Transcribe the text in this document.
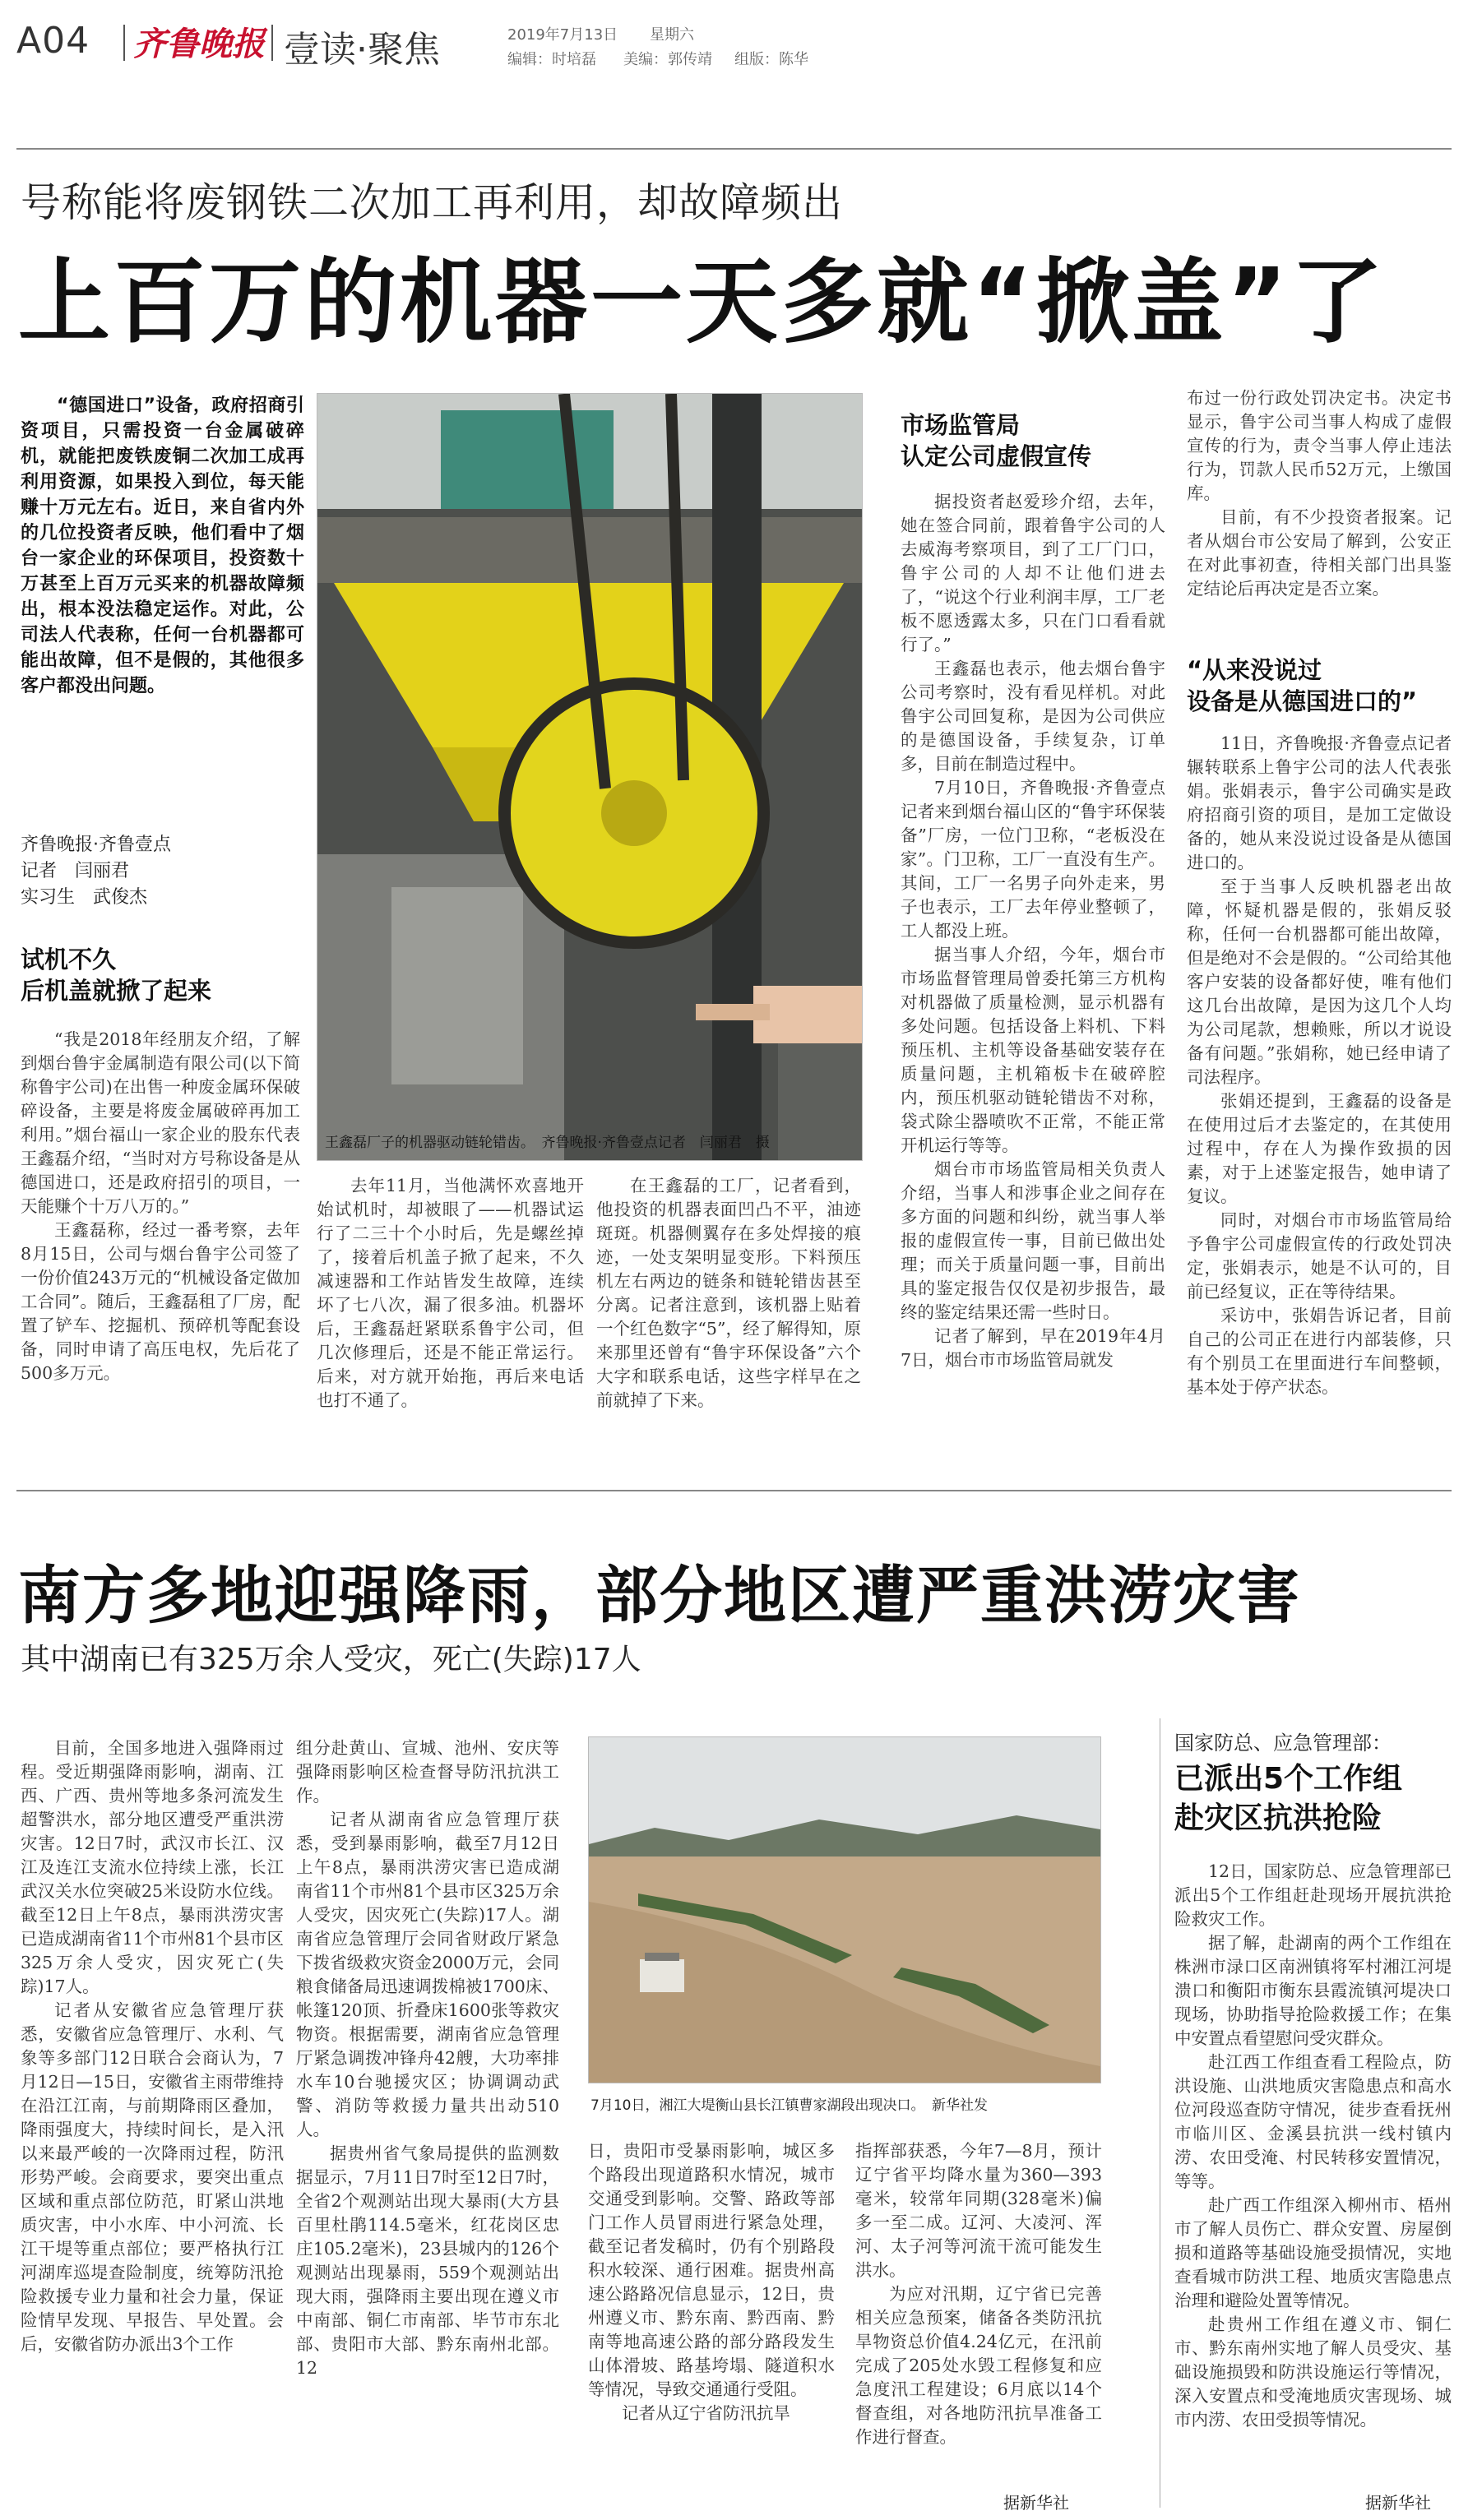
A04 齐鲁晚报 壹读·聚焦	2019年7月13日 星期六
编辑：时培磊 美编：郭传靖 组版：陈华
号称能将废钢铁二次加工再利用，却故障频出
上百万的机器一天多就“掀盖”了
“德国进口”设备，政府招商引资项目，只需投资一台金属破碎机，就能把废铁废铜二次加工成再利用资源，如果投入到位，每天能赚十万元左右。近日，来自省内外的几位投资者反映，他们看中了烟台一家企业的环保项目，投资数十万甚至上百万元买来的机器故障频出，根本没法稳定运作。对此，公司法人代表称，任何一台机器都可能出故障，但不是假的，其他很多客户都没出问题。
齐鲁晚报·齐鲁壹点
记者　闫丽君
实习生　武俊杰
试机不久
后机盖就掀了起来

“我是2018年经朋友介绍，了解到烟台鲁宇金属制造有限公司(以下简称鲁宇公司)在出售一种废金属环保破碎设备，主要是将废金属破碎再加工利用。”烟台福山一家企业的股东代表王鑫磊介绍，“当时对方号称设备是从德国进口，还是政府招引的项目，一天能赚个十万八万的。”

王鑫磊称，经过一番考察，去年8月15日，公司与烟台鲁宇公司签了一份价值243万元的“机械设备定做加工合同”。随后，王鑫磊租了厂房，配置了铲车、挖掘机、预碎机等配套设备，同时申请了高压电权，先后花了500多万元。

王鑫磊厂子的机器驱动链轮错齿。　齐鲁晚报·齐鲁壹点记者　闫丽君　摄

去年11月，当他满怀欢喜地开始试机时，却被眼了——机器试运行了二三十个小时后，先是螺丝掉了，接着后机盖子掀了起来，不久减速器和工作站皆发生故障，连续坏了七八次，漏了很多油。机器坏后，王鑫磊赶紧联系鲁宇公司，但几次修理后，还是不能正常运行。后来，对方就开始拖，再后来电话也打不通了。

在王鑫磊的工厂，记者看到，他投资的机器表面凹凸不平，油迹斑斑。机器侧翼存在多处焊接的痕迹，一处支架明显变形。下料预压机左右两边的链条和链轮错齿甚至分离。记者注意到，该机器上贴着一个红色数字“5”，经了解得知，原来那里还曾有“鲁宇环保设备”六个大字和联系电话，这些字样早在之前就掉了下来。

市场监管局
认定公司虚假宣传

据投资者赵爱珍介绍，去年，她在签合同前，跟着鲁宇公司的人去威海考察项目，到了工厂门口，鲁宇公司的人却不让他们进去了，“说这个行业利润丰厚，工厂老板不愿透露太多，只在门口看看就行了。”

王鑫磊也表示，他去烟台鲁宇公司考察时，没有看见样机。对此鲁宇公司回复称，是因为公司供应的是德国设备，手续复杂，订单多，目前在制造过程中。

7月10日，齐鲁晚报·齐鲁壹点记者来到烟台福山区的“鲁宇环保装备”厂房，一位门卫称，“老板没在家”。门卫称，工厂一直没有生产。其间，工厂一名男子向外走来，男子也表示，工厂去年停业整顿了，工人都没上班。

据当事人介绍，今年，烟台市市场监督管理局曾委托第三方机构对机器做了质量检测，显示机器有多处问题。包括设备上料机、下料预压机、主机等设备基础安装存在质量问题，主机箱板卡在破碎腔内，预压机驱动链轮错齿不对称，袋式除尘器喷吹不正常，不能正常开机运行等等。

烟台市市场监管局相关负责人介绍，当事人和涉事企业之间存在多方面的问题和纠纷，就当事人举报的虚假宣传一事，目前已做出处理；而关于质量问题一事，目前出具的鉴定报告仅仅是初步报告，最终的鉴定结果还需一些时日。

记者了解到，早在2019年4月7日，烟台市市场监管局就发

布过一份行政处罚决定书。决定书显示，鲁宇公司当事人构成了虚假宣传的行为，责令当事人停止违法行为，罚款人民币52万元，上缴国库。

目前，有不少投资者报案。记者从烟台市公安局了解到，公安正在对此事初查，待相关部门出具鉴定结论后再决定是否立案。

“从来没说过
设备是从德国进口的”

11日，齐鲁晚报·齐鲁壹点记者辗转联系上鲁宇公司的法人代表张娟。张娟表示，鲁宇公司确实是政府招商引资的项目，是加工定做设备的，她从来没说过设备是从德国进口的。

至于当事人反映机器老出故障，怀疑机器是假的，张娟反驳称，任何一台机器都可能出故障，但是绝对不会是假的。“公司给其他客户安装的设备都好使，唯有他们这几台出故障，是因为这几个人均为公司尾款，想赖账，所以才说设备有问题。”张娟称，她已经申请了司法程序。

张娟还提到，王鑫磊的设备是在使用过后才去鉴定的，在其使用过程中，存在人为操作致损的因素，对于上述鉴定报告，她申请了复议。

同时，对烟台市市场监管局给予鲁宇公司虚假宣传的行政处罚决定，张娟表示，她是不认可的，目前已经复议，正在等待结果。

采访中，张娟告诉记者，目前自己的公司正在进行内部装修，只有个别员工在里面进行车间整顿，基本处于停产状态。

南方多地迎强降雨，部分地区遭严重洪涝灾害
其中湖南已有325万余人受灾，死亡(失踪)17人

目前，全国多地进入强降雨过程。受近期强降雨影响，湖南、江西、广西、贵州等地多条河流发生超警洪水，部分地区遭受严重洪涝灾害。12日7时，武汉市长江、汉江及连江支流水位持续上涨，长江武汉关水位突破25米设防水位线。截至12日上午8点，暴雨洪涝灾害已造成湖南省11个市州81个县市区325万余人受灾，因灾死亡(失踪)17人。

记者从安徽省应急管理厅获悉，安徽省应急管理厅、水利、气象等多部门12日联合会商认为，7月12日—15日，安徽省主雨带维持在沿江江南，与前期降雨区叠加，降雨强度大，持续时间长，是入汛以来最严峻的一次降雨过程，防汛形势严峻。会商要求，要突出重点区域和重点部位防范，盯紧山洪地质灾害，中小水库、中小河流、长江干堤等重点部位；要严格执行江河湖库巡堤查险制度，统筹防汛抢险救援专业力量和社会力量，保证险情早发现、早报告、早处置。会后，安徽省防办派出3个工作

组分赴黄山、宣城、池州、安庆等强降雨影响区检查督导防汛抗洪工作。

记者从湖南省应急管理厅获悉，受到暴雨影响，截至7月12日上午8点，暴雨洪涝灾害已造成湖南省11个市州81个县市区325万余人受灾，因灾死亡(失踪)17人。湖南省应急管理厅会同省财政厅紧急下拨省级救灾资金2000万元，会同粮食储备局迅速调拨棉被1700床、帐篷120顶、折叠床1600张等救灾物资。根据需要，湖南省应急管理厅紧急调拨冲锋舟42艘，大功率排水车10台驰援灾区；协调调动武警、消防等救援力量共出动510人。

据贵州省气象局提供的监测数据显示，7月11日7时至12日7时，全省2个观测站出现大暴雨(大方县百里杜鹃114.5毫米，红花岗区忠庄105.2毫米)，23县城内的126个观测站出现暴雨，559个观测站出现大雨，强降雨主要出现在遵义市中南部、铜仁市南部、毕节市东北部、贵阳市大部、黔东南州北部。12

7月10日，湘江大堤衡山县长江镇曹家湖段出现决口。　新华社发

日，贵阳市受暴雨影响，城区多个路段出现道路积水情况，城市交通受到影响。交警、路政等部门工作人员冒雨进行紧急处理，截至记者发稿时，仍有个别路段积水较深、通行困难。据贵州高速公路路况信息显示，12日，贵州遵义市、黔东南、黔西南、黔南等地高速公路的部分路段发生山体滑坡、路基垮塌、隧道积水等情况，导致交通通行受阻。

记者从辽宁省防汛抗旱

指挥部获悉，今年7—8月，预计辽宁省平均降水量为360—393毫米，较常年同期(328毫米)偏多一至二成。辽河、大凌河、浑河、太子河等河流干流可能发生洪水。

为应对汛期，辽宁省已完善相关应急预案，储备各类防汛抗旱物资总价值4.24亿元，在汛前完成了205处水毁工程修复和应急度汛工程建设；6月底以14个督查组，对各地防汛抗旱准备工作进行督查。

据新华社
国家防总、应急管理部：
已派出5个工作组
赴灾区抗洪抢险

12日，国家防总、应急管理部已派出5个工作组赶赴现场开展抗洪抢险救灾工作。

据了解，赴湖南的两个工作组在株洲市渌口区南洲镇将军村湘江河堤溃口和衡阳市衡东县霞流镇河堤决口现场，协助指导抢险救援工作；在集中安置点看望慰问受灾群众。

赴江西工作组查看工程险点，防洪设施、山洪地质灾害隐患点和高水位河段巡查防守情况，徒步查看抚州市临川区、金溪县抗洪一线村镇内涝、农田受淹、村民转移安置情况，等等。

赴广西工作组深入柳州市、梧州市了解人员伤亡、群众安置、房屋倒损和道路等基础设施受损情况，实地查看城市防洪工程、地质灾害隐患点治理和避险处置等情况。

赴贵州工作组在遵义市、铜仁市、黔东南州实地了解人员受灾、基础设施损毁和防洪设施运行等情况，深入安置点和受淹地质灾害现场、城市内涝、农田受损等情况。

据新华社
